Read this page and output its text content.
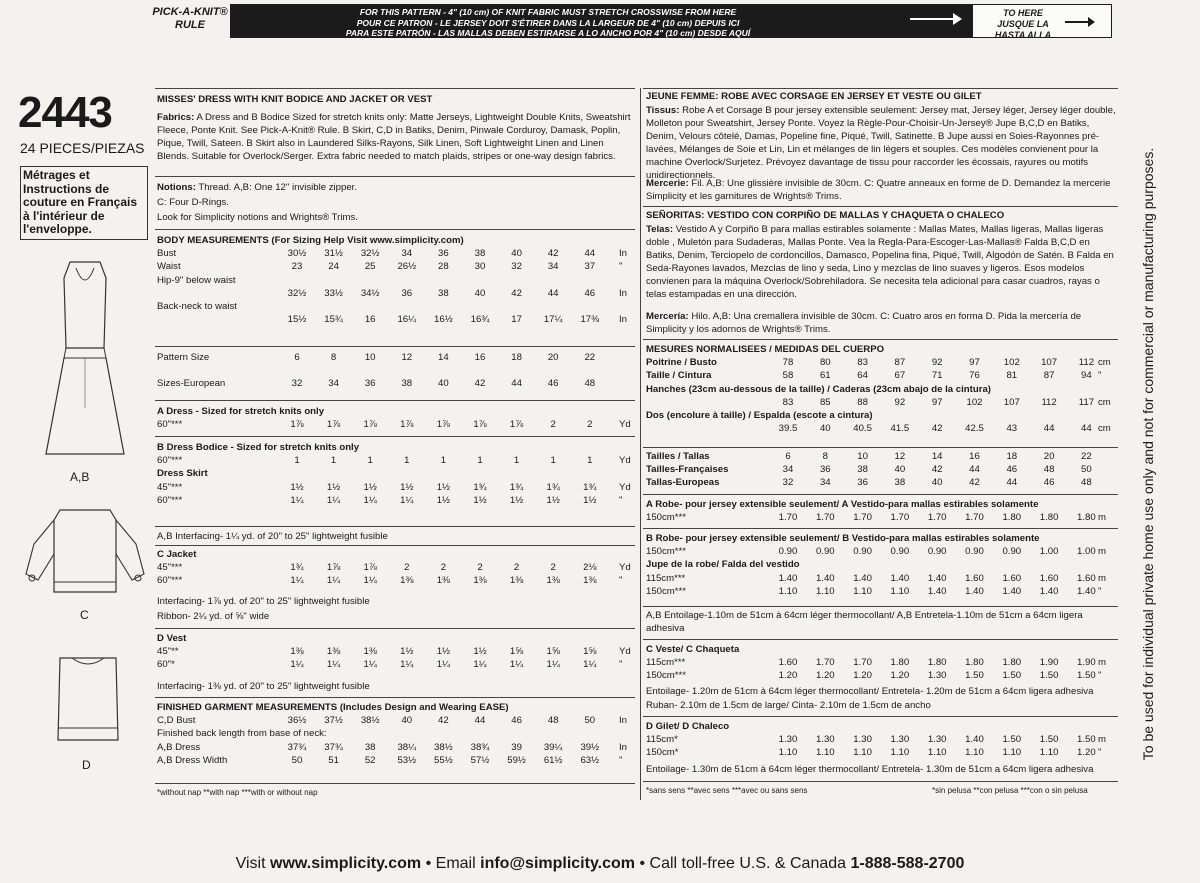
PICK-A-KNIT® RULE
FOR THIS PATTERN - 4" (10 cm) OF KNIT FABRIC MUST STRETCH CROSSWISE FROM HERE
POUR CE PATRON - LE JERSEY DOIT S'ÉTIRER DANS LA LARGEUR DE 4" (10 cm) DEPUIS ICI
PARA ESTE PATRÓN - LAS MALLAS DEBEN ESTIRARSE A LO ANCHO POR 4" (10 cm) DESDE AQUÍ
TO HERE
JUSQUE LA
HASTA ALLA
2443
24 PIECES/PIEZAS
Métrages et Instructions de couture en Français à l'intérieur de l'enveloppe.
A,B
C
D
MISSES' DRESS WITH KNIT BODICE AND JACKET OR VEST
Fabrics: A Dress and B Bodice Sized for stretch knits only: Matte Jerseys, Lightweight Double Knits, Sweatshirt Fleece, Ponte Knit. See Pick-A-Knit® Rule. B Skirt, C,D in Batiks, Denim, Pinwale Corduroy, Damask, Poplin, Pique, Twill, Sateen. B Skirt also in Laundered Silks-Rayons, Silk Linen, Soft Lightweight Linen and Linen Blends. Suitable for Overlock/Serger. Extra fabric needed to match plaids, stripes or one-way design fabrics.
Notions: Thread. A,B: One 12" invisible zipper.
C: Four D-Rings.
Look for Simplicity notions and Wrights® Trims.
BODY MEASUREMENTS (For Sizing Help Visit www.simplicity.com)
Bust	30½	31½	32½	34	36	38	40	42	44	In
Waist	23	24	25	26½	28	30	32	34	37	"
Hip-9" below waist
32½	33½	34½	36	38	40	42	44	46	In
Back-neck to waist
15½	15¾	16	16¼	16½	16¾	17	17¼	17⅜	In
Pattern Size	6	8	10	12	14	16	18	20	22
Sizes-European	32	34	36	38	40	42	44	46	48
A Dress - Sized for stretch knits only
60"***	1⅞	1⅞	1⅞	1⅞	1⅞	1⅞	1⅞	2	2	Yd
B Dress Bodice - Sized for stretch knits only
60"***	1	1	1	1	1	1	1	1	1	Yd
Dress Skirt
45"***	1½	1½	1½	1½	1½	1¾	1¾	1¾	1¾	Yd
60"***	1¼	1¼	1¼	1¼	1½	1½	1½	1½	1½	"
A,B Interfacing- 1¼ yd. of 20" to 25" lightweight fusible
C Jacket
45"***	1¾	1⅞	1⅞	2	2	2	2	2	2⅛	Yd
60"***	1¼	1¼	1¼	1⅜	1⅜	1⅜	1⅜	1⅜	1⅜	"
Interfacing- 1⅞ yd. of 20" to 25" lightweight fusible
Ribbon- 2¼ yd. of ⅝" wide
D Vest
45"**	1⅜	1⅜	1⅜	1½	1½	1½	1⅝	1⅝	1⅝	Yd
60"*	1¼	1¼	1¼	1¼	1¼	1¼	1¼	1¼	1¼	"
Interfacing- 1⅜ yd. of 20" to 25" lightweight fusible
FINISHED GARMENT MEASUREMENTS (Includes Design and Wearing EASE)
C,D Bust	36½	37½	38½	40	42	44	46	48	50	In
Finished back length from base of neck:
A,B Dress	37¾	37¾	38	38¼	38½	38¾	39	39¼	39½	In
A,B Dress Width	50	51	52	53½	55½	57½	59½	61½	63½	"
*without nap **with nap ***with or without nap
JEUNE FEMME: ROBE AVEC CORSAGE EN JERSEY ET VESTE OU GILET
Tissus: Robe A et Corsage B pour jersey extensible seulement: Jersey mat, Jersey léger, Jersey léger double, Molleton pour Sweatshirt, Jersey Ponte. Voyez la Règle-Pour-Choisir-Un-Jersey® Jupe B,C,D en Batiks, Denim, Velours côtelé, Damas, Popeline fine, Piqué, Twill, Satinette. B Jupe aussi en Soies-Rayonnes pré-lavées, Mélanges de Soie et Lin, Lin et mélanges de lin légers et souples. Ces modèles convienent pour la machine Overlock/Surjetez. Prévoyez davantage de tissu pour raccorder les écossais, rayures ou motifs unidirectionnels.
Mercerie: Fil. A,B: Une glissière invisible de 30cm. C: Quatre anneaux en forme de D. Demandez la mercerie Simplicity et les garnitures de Wrights® Trims.
SEÑORITAS: VESTIDO CON CORPIÑO DE MALLAS Y CHAQUETA O CHALECO
Telas: Vestido A y Corpiño B para mallas estirables solamente : Mallas Mates, Mallas ligeras, Mallas ligeras doble , Muletón para Sudaderas, Mallas Ponte. Vea la Regla-Para-Escoger-Las-Mallas® Falda B,C,D en Batiks, Denim, Terciopelo de cordoncillos, Damasco, Popelina fina, Piqué, Twill, Algodón de Satén. B Falda en Seda-Rayones lavados, Mezclas de lino y seda, Lino y mezclas de lino suaves y ligeros. Esos modelos convienen para la máquina Overlock/Sobrehiladora. Se necesita tela adicional para casar cuadros, rayas o telas estampadas en una dirección.
Mercería: Hilo. A,B: Una cremallera invisible de 30cm. C: Cuatro aros en forma D. Pida la mercería de Simplicity y los adornos de Wrights® Trims.
MESURES NORMALISEES / MEDIDAS DEL CUERPO
Poitrine / Busto	78	80	83	87	92	97	102	107	112 cm
Taille / Cintura	58	61	64	67	71	76	81	87	94 "
Hanches (23cm au-dessous de la taille) / Caderas (23cm abajo de la cintura)
83	85	88	92	97	102	107	112	117 cm
Dos (encolure à taille) / Espalda (escote a cintura)
39.5	40	40.5	41.5	42	42.5	43	44	44 cm
Tailles / Tallas	6	8	10	12	14	16	18	20	22
Tailles-Françaises	34	36	38	40	42	44	46	48	50
Tallas-Europeas	32	34	36	38	40	42	44	46	48
A Robe- pour jersey extensible seulement/ A Vestido-para mallas estirables solamente
150cm***	1.70	1.70	1.70	1.70	1.70	1.70	1.80	1.80	1.80 m
B Robe- pour jersey extensible seulement/ B Vestido-para mallas estirables solamente
150cm***	0.90	0.90	0.90	0.90	0.90	0.90	0.90	1.00	1.00 m
Jupe de la robe/ Falda del vestido
115cm***	1.40	1.40	1.40	1.40	1.40	1.60	1.60	1.60	1.60 m
150cm***	1.10	1.10	1.10	1.10	1.40	1.40	1.40	1.40	1.40 "
A,B Entoilage-1.10m de 51cm à 64cm léger thermocollant/ A,B Entretela-1.10m de 51cm a 64cm ligera adhesiva
C Veste/ C Chaqueta
115cm***	1.60	1.70	1.70	1.80	1.80	1.80	1.80	1.90	1.90 m
150cm***	1.20	1.20	1.20	1.20	1.30	1.50	1.50	1.50	1.50 "
Entoilage- 1.20m de 51cm à 64cm léger thermocollant/ Entretela- 1.20m de 51cm a 64cm ligera adhesiva
Ruban- 2.10m de 1.5cm de large/ Cinta- 2.10m de 1.5cm de ancho
D Gilet/ D Chaleco
115cm*	1.30	1.30	1.30	1.30	1.30	1.40	1.50	1.50	1.50 m
150cm*	1.10	1.10	1.10	1.10	1.10	1.10	1.10	1.10	1.20 "
Entoilage- 1.30m de 51cm à 64cm léger thermocollant/ Entretela- 1.30m de 51cm a 64cm ligera adhesiva
*sans sens **avec sens ***avec ou sans sens	*sin pelusa **con pelusa ***con o sin pelusa
To be used for individual private home use only and not for commercial or manufacturing purposes.
Visit www.simplicity.com • Email info@simplicity.com • Call toll-free U.S. & Canada 1-888-588-2700
